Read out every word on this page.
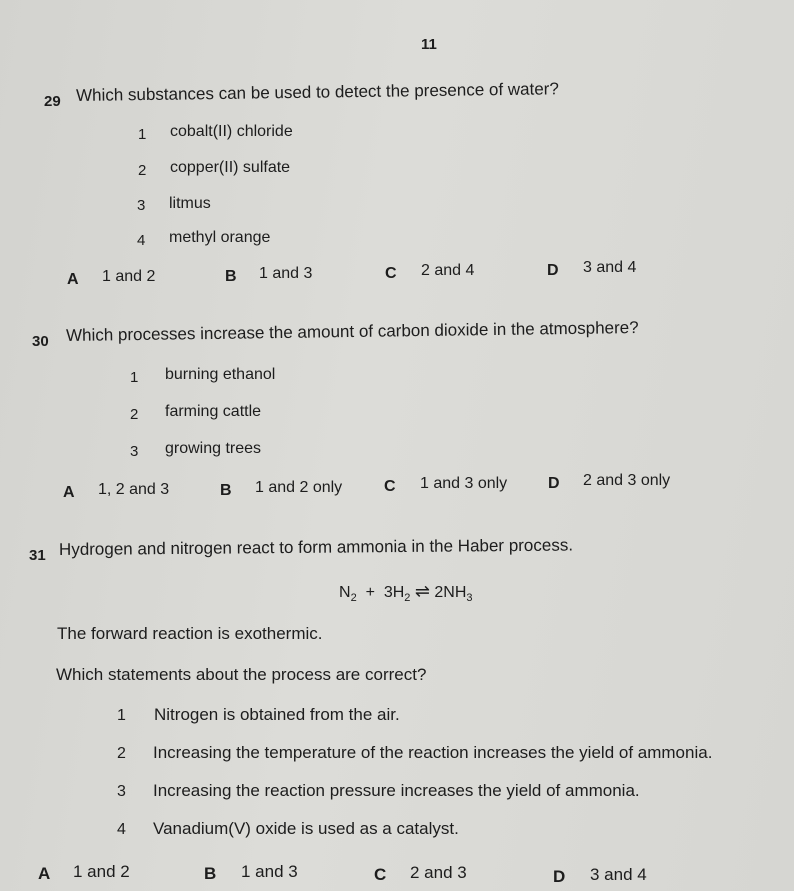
11
29 Which substances can be used to detect the presence of water?
1 cobalt(II) chloride
2 copper(II) sulfate
3 litmus
4 methyl orange
A 1 and 2	B 1 and 3	C 2 and 4	D 3 and 4
30 Which processes increase the amount of carbon dioxide in the atmosphere?
1 burning ethanol
2 farming cattle
3 growing trees
A 1, 2 and 3	B 1 and 2 only	C 1 and 3 only	D 2 and 3 only
31 Hydrogen and nitrogen react to form ammonia in the Haber process.
$N_2 + 3H_2$ ⇌ $2NH_3$
The forward reaction is exothermic.
Which statements about the process are correct?
1 Nitrogen is obtained from the air.
2 Increasing the temperature of the reaction increases the yield of ammonia.
3 Increasing the reaction pressure increases the yield of ammonia.
4 Vanadium(V) oxide is used as a catalyst.
A 1 and 2	B 1 and 3	C 2 and 3	D 3 and 4
